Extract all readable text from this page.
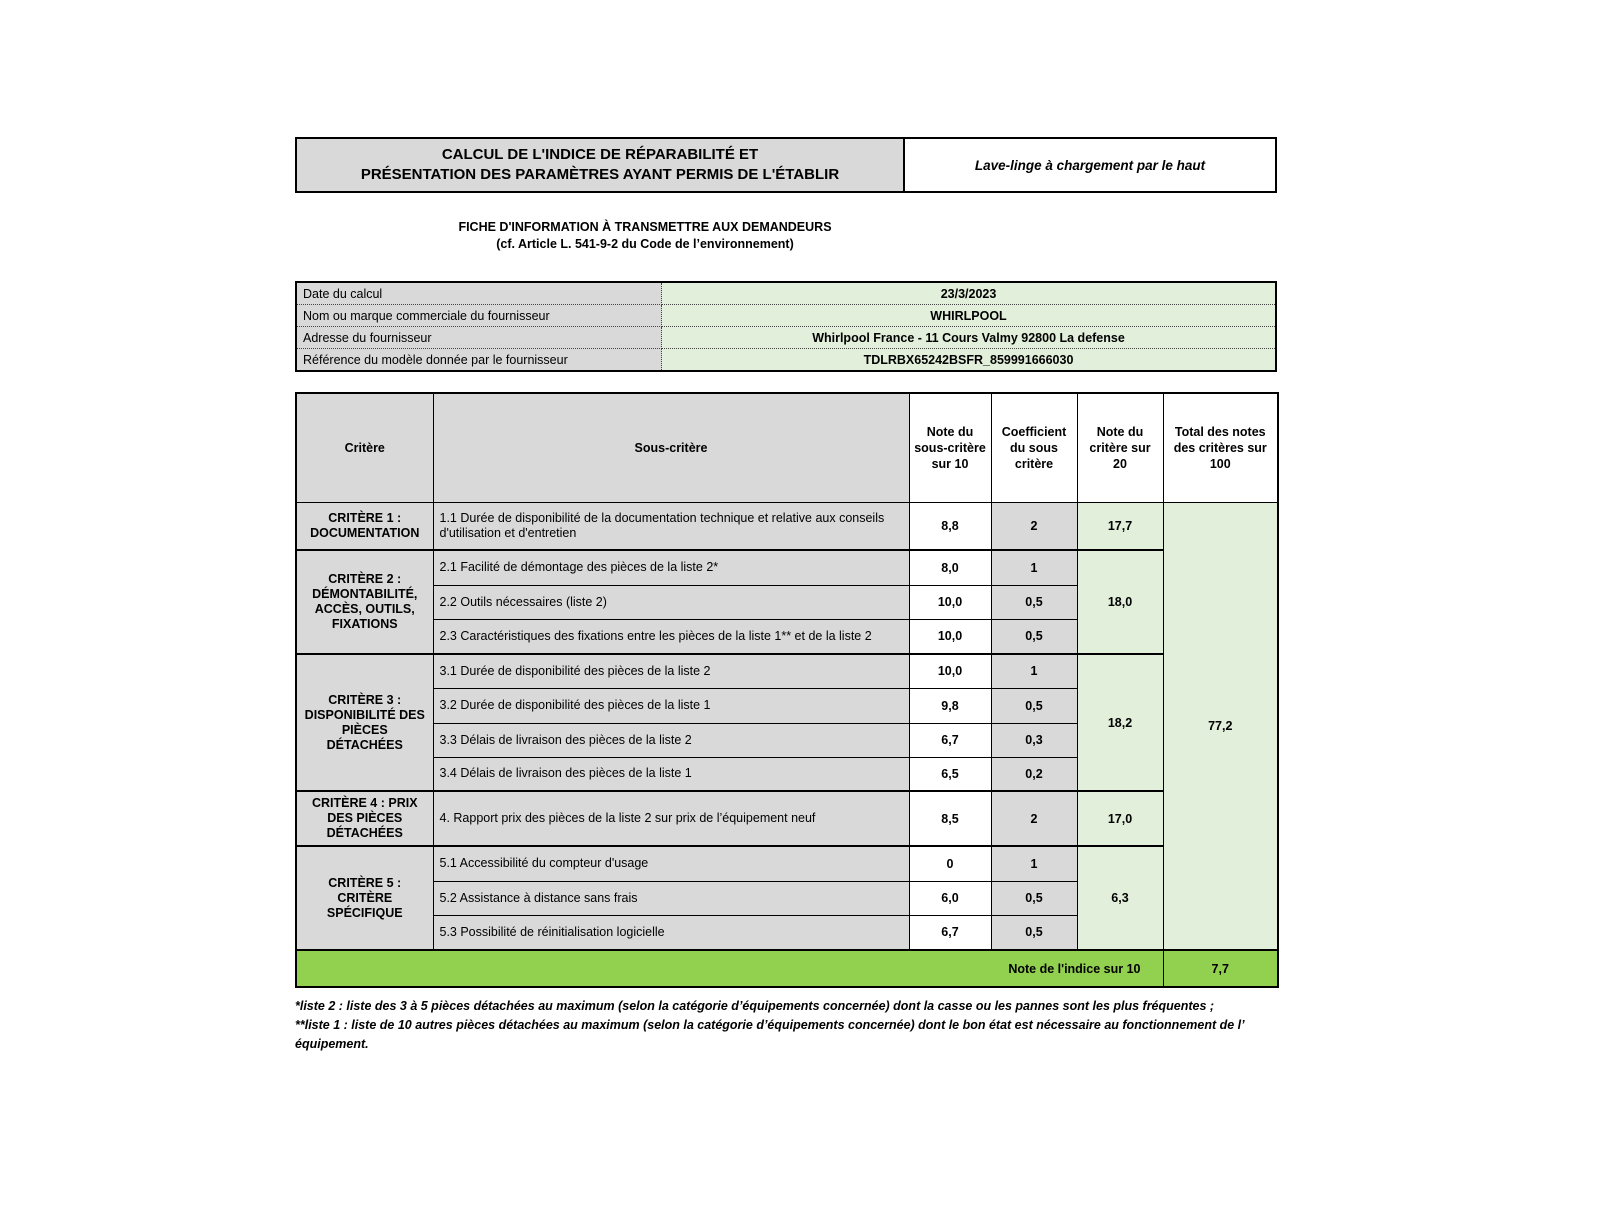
CALCUL DE L'INDICE DE RÉPARABILITÉ ET
PRÉSENTATION DES PARAMÈTRES AYANT PERMIS DE L'ÉTABLIR
Lave-linge à chargement par le haut
FICHE D'INFORMATION À TRANSMETTRE AUX DEMANDEURS
(cf. Article L. 541-9-2 du Code de l’environnement)
Date du calcul	23/3/2023
Nom ou marque commerciale du fournisseur	WHIRLPOOL
Adresse du fournisseur	Whirlpool France - 11 Cours Valmy 92800 La defense
Référence du modèle donnée par le fournisseur	TDLRBX65242BSFR_859991666030
Critère	Sous-critère	Note du sous-critère sur 10	Coefficient du sous critère	Note du critère sur 20	Total des notes des critères sur 100
CRITÈRE 1 : DOCUMENTATION	1.1 Durée de disponibilité de la documentation technique et relative aux conseils d'utilisation et d'entretien	8,8	2	17,7	77,2
CRITÈRE 2 : DÉMONTABILITÉ, ACCÈS, OUTILS, FIXATIONS	2.1 Facilité de démontage des pièces de la liste 2*	8,0	1	18,0	
	2.2 Outils nécessaires (liste 2)	10,0	0,5		
	2.3 Caractéristiques des fixations entre les pièces de la liste 1** et de la liste 2	10,0	0,5		
CRITÈRE 3 : DISPONIBILITÉ DES PIÈCES DÉTACHÉES	3.1 Durée de disponibilité des pièces de la liste 2	10,0	1	18,2	
	3.2 Durée de disponibilité des pièces de la liste 1	9,8	0,5		
	3.3 Délais de livraison des pièces de la liste 2	6,7	0,3		
	3.4 Délais de livraison des pièces de la liste 1	6,5	0,2		
CRITÈRE 4 : PRIX DES PIÈCES DÉTACHÉES	4. Rapport prix des pièces de la liste 2 sur prix de l’équipement neuf	8,5	2	17,0	
CRITÈRE 5 : CRITÈRE SPÉCIFIQUE	5.1 Accessibilité du compteur d'usage	0	1	6,3	
	5.2 Assistance à distance sans frais	6,0	0,5		
	5.3 Possibilité de réinitialisation logicielle	6,7	0,5		
Note de l'indice sur 10					7,7

*liste 2 : liste des 3 à 5 pièces détachées au maximum (selon la catégorie d’équipements concernée) dont la casse ou les pannes sont les plus fréquentes ;

**liste 1 : liste de 10 autres pièces détachées au maximum (selon la catégorie d’équipements concernée) dont le bon état est nécessaire au fonctionnement de l’ équipement.
